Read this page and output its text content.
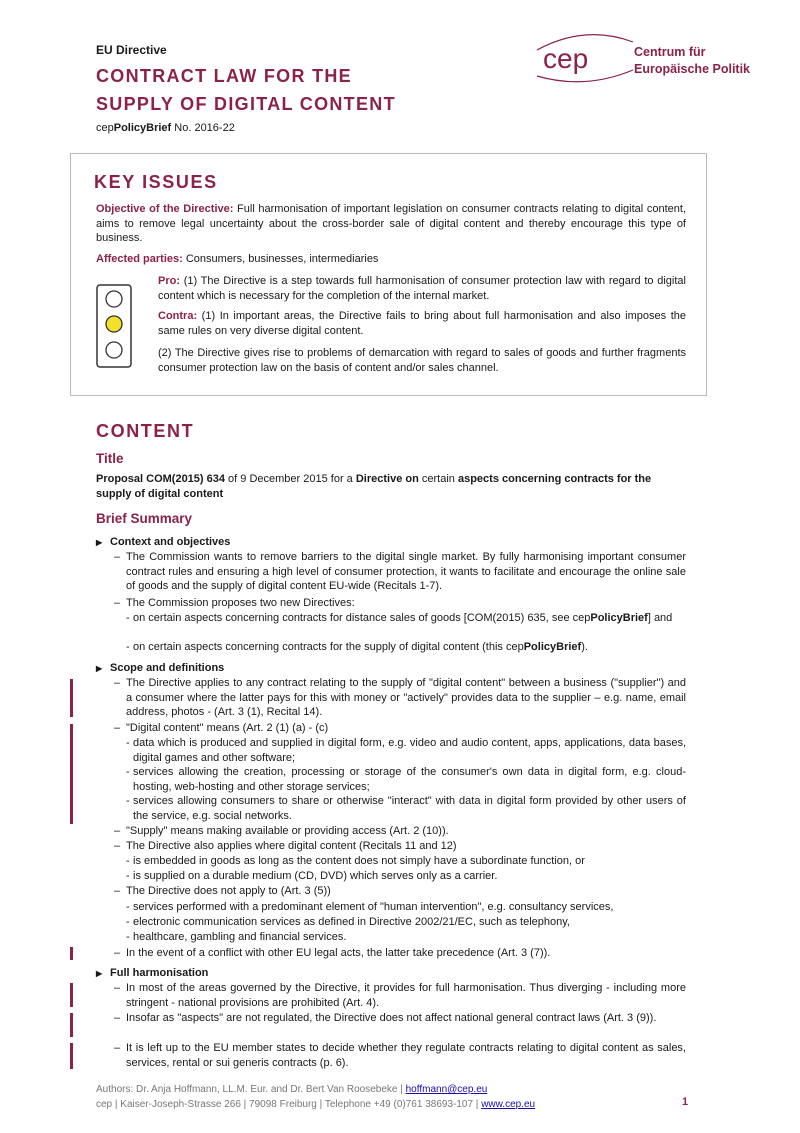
EU Directive
CONTRACT LAW FOR THE
SUPPLY OF DIGITAL CONTENT
cepPolicyBrief No. 2016-22
cep	Centrum für
Europäische Politik
KEY ISSUES
Objective of the Directive: Full harmonisation of important legislation on consumer contracts relating to digital content, aims to remove legal uncertainty about the cross-border sale of digital content and thereby encourage this type of business.
Affected parties: Consumers, businesses, intermediaries
Pro: (1) The Directive is a step towards full harmonisation of consumer protection law with regard to digital content which is necessary for the completion of the internal market.
Contra: (1) In important areas, the Directive fails to bring about full harmonisation and also imposes the same rules on very diverse digital content.
(2) The Directive gives rise to problems of demarcation with regard to sales of goods and further fragments consumer protection law on the basis of content and/or sales channel.
CONTENT
Title
Proposal COM(2015) 634 of 9 December 2015 for a Directive on certain aspects concerning contracts for the supply of digital content
Brief Summary
▶ Context and objectives
– The Commission wants to remove barriers to the digital single market. By fully harmonising important consumer contract rules and ensuring a high level of consumer protection, it wants to facilitate and encourage the online sale of goods and the supply of digital content EU-wide (Recitals 1-7).
– The Commission proposes two new Directives:
- on certain aspects concerning contracts for distance sales of goods [COM(2015) 635, see cepPolicyBrief] and
- on certain aspects concerning contracts for the supply of digital content (this cepPolicyBrief).
▶ Scope and definitions
– The Directive applies to any contract relating to the supply of "digital content" between a business ("supplier") and a consumer where the latter pays for this with money or "actively" provides data to the supplier – e.g. name, email address, photos - (Art. 3 (1), Recital 14).
– "Digital content" means (Art. 2 (1) (a) - (c)
- data which is produced and supplied in digital form, e.g. video and audio content, apps, applications, data bases, digital games and other software;
- services allowing the creation, processing or storage of the consumer's own data in digital form, e.g. cloud-hosting, web-hosting and other storage services;
- services allowing consumers to share or otherwise "interact" with data in digital form provided by other users of the service, e.g. social networks.
– "Supply" means making available or providing access (Art. 2 (10)).
– The Directive also applies where digital content (Recitals 11 and 12)
- is embedded in goods as long as the content does not simply have a subordinate function, or
- is supplied on a durable medium (CD, DVD) which serves only as a carrier.
– The Directive does not apply to (Art. 3 (5))
- services performed with a predominant element of "human intervention", e.g. consultancy services,
- electronic communication services as defined in Directive 2002/21/EC, such as telephony,
- healthcare, gambling and financial services.
– In the event of a conflict with other EU legal acts, the latter take precedence (Art. 3 (7)).
▶ Full harmonisation
– In most of the areas governed by the Directive, it provides for full harmonisation. Thus diverging - including more stringent - national provisions are prohibited (Art. 4).
– Insofar as "aspects" are not regulated, the Directive does not affect national general contract laws (Art. 3 (9)).
– It is left up to the EU member states to decide whether they regulate contracts relating to digital content as sales, services, rental or sui generis contracts (p. 6).
Authors: Dr. Anja Hoffmann, LL.M. Eur. and Dr. Bert Van Roosebeke | hoffmann@cep.eu
cep | Kaiser-Joseph-Strasse 266 | 79098 Freiburg | Telephone +49 (0)761 38693-107 | www.cep.eu	1
